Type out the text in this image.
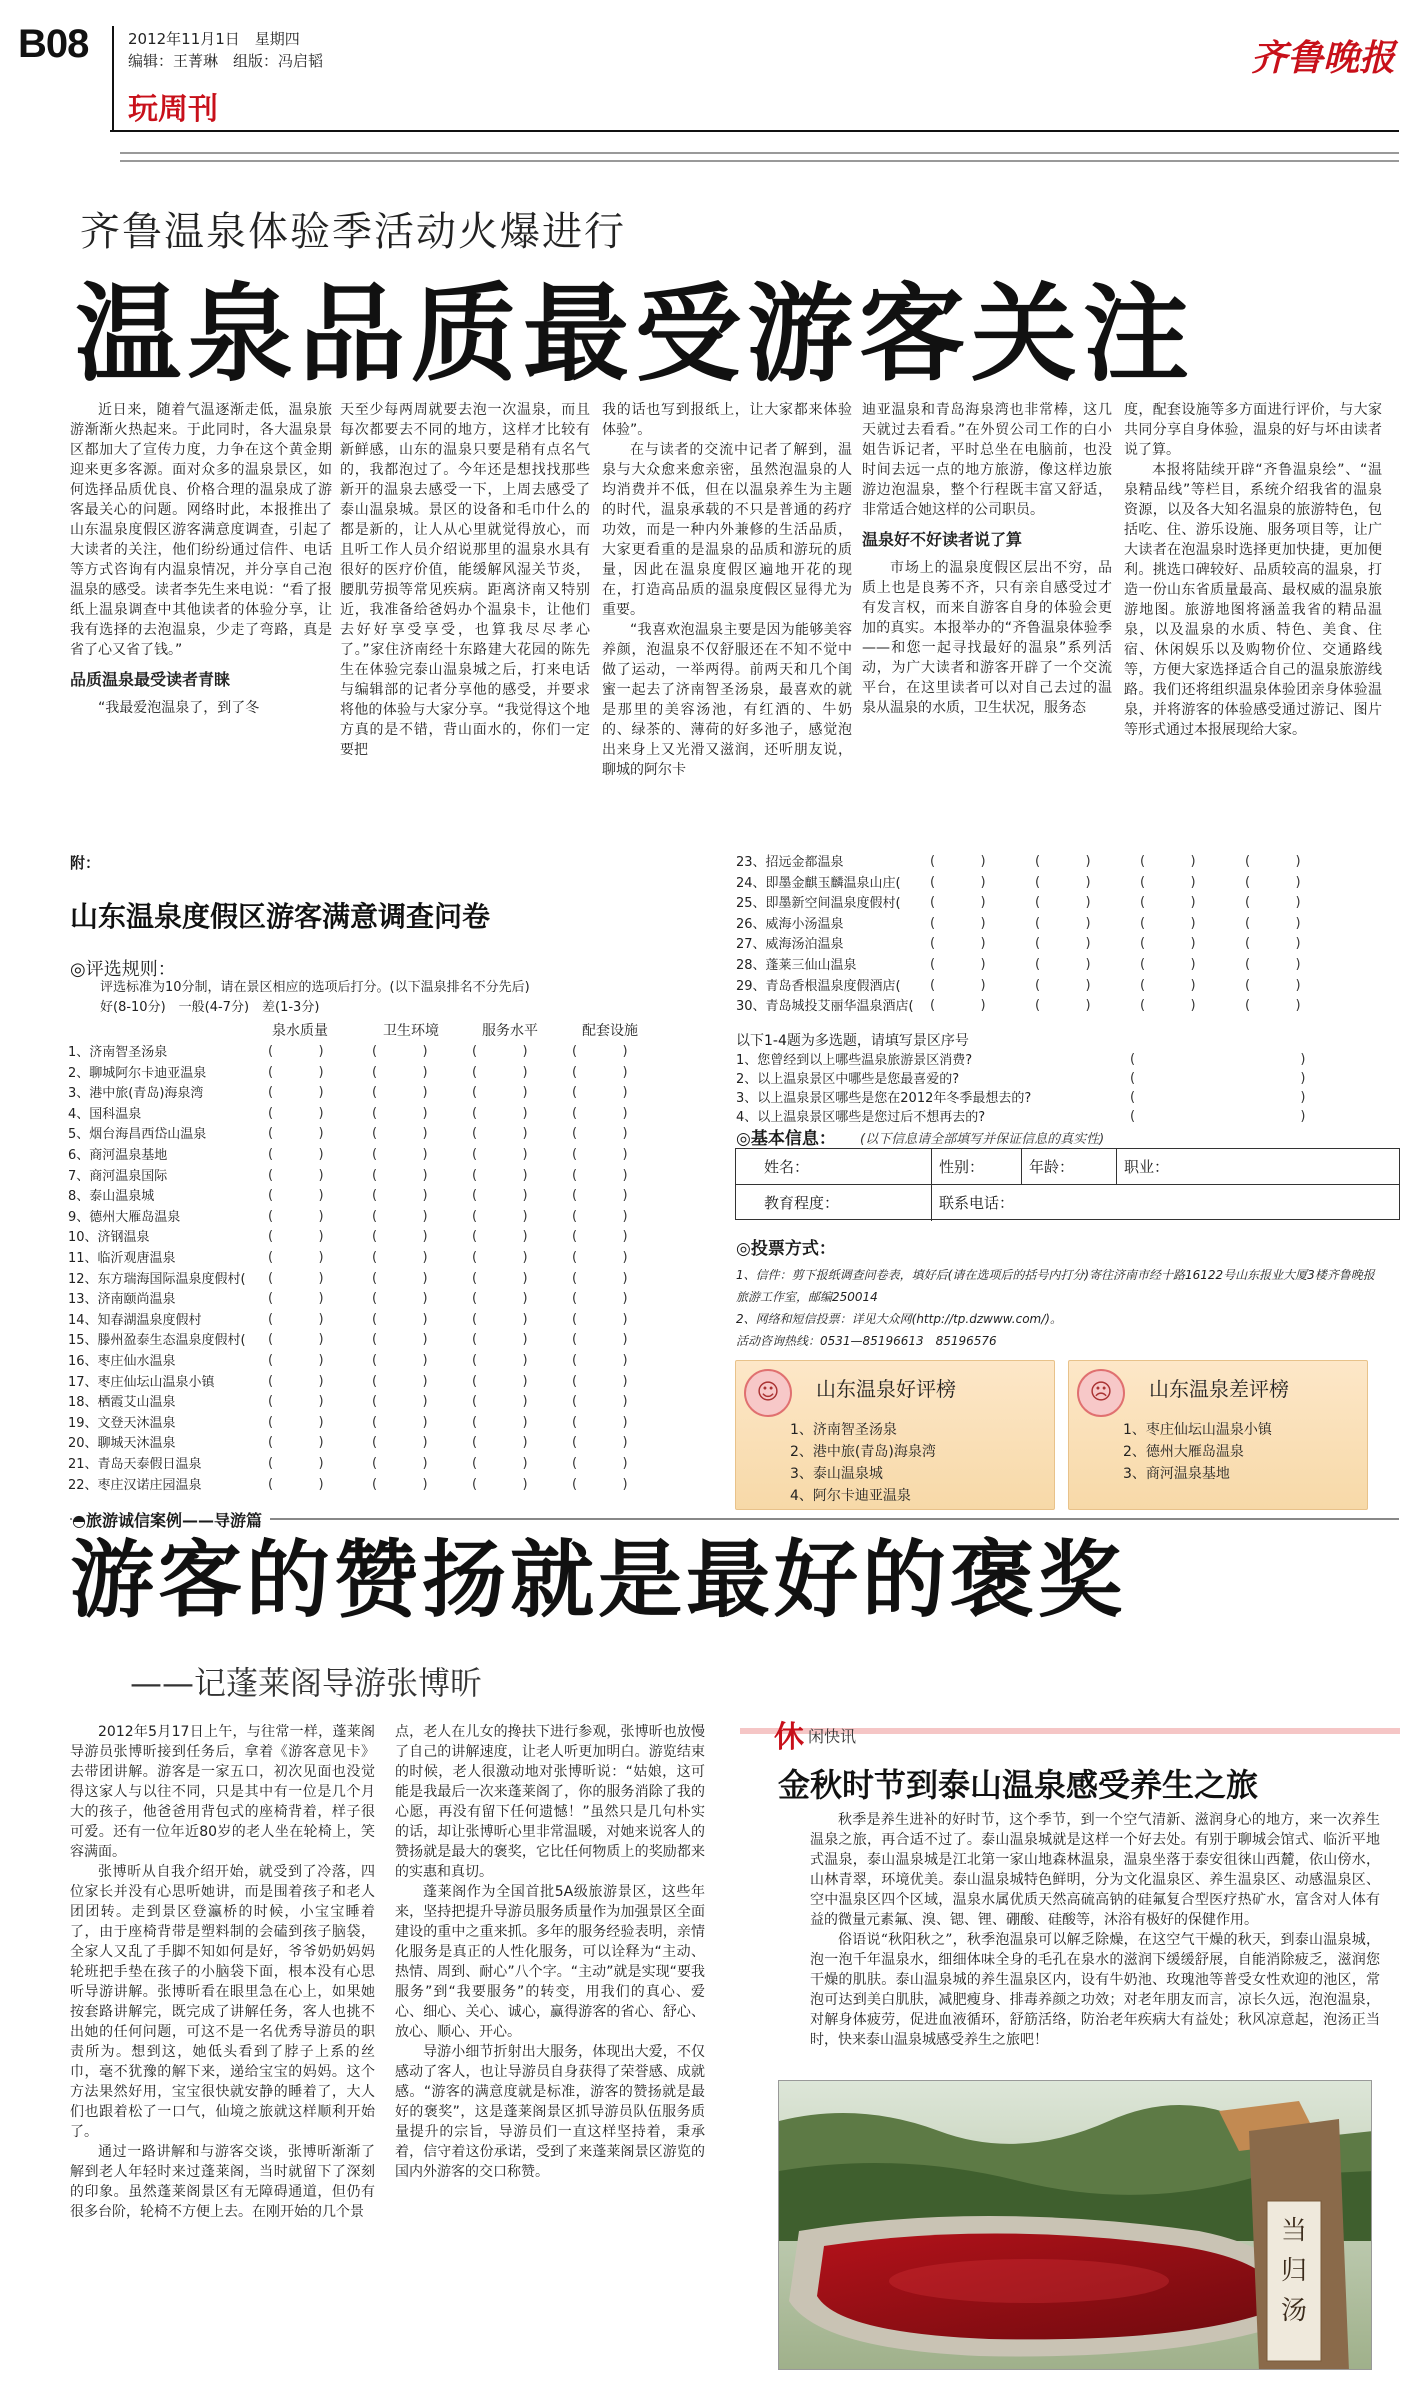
B08	2012年11月1日　星期四
编辑：王菁琳　组版：冯启韬
玩周刊
齐鲁晚报
齐鲁温泉体验季活动火爆进行
温泉品质最受游客关注

近日来，随着气温逐渐走低，温泉旅游渐渐火热起来。于此同时，各大温泉景区都加大了宣传力度，力争在这个黄金期迎来更多客源。面对众多的温泉景区，如何选择品质优良、价格合理的温泉成了游客最关心的问题。网络时此，本报推出了山东温泉度假区游客满意度调查，引起了大读者的关注，他们纷纷通过信件、电话等方式咨询有内温泉情况，并分享自己泡温泉的感受。读者李先生来电说：“看了报纸上温泉调查中其他读者的体验分享，让我有选择的去泡温泉，少走了弯路，真是省了心又省了钱。”

品质温泉最受读者青睐

“我最爱泡温泉了，到了冬

天至少每两周就要去泡一次温泉，而且每次都要去不同的地方，这样才比较有新鲜感，山东的温泉只要是稍有点名气的，我都泡过了。今年还是想找找那些新开的温泉去感受一下，上周去感受了泰山温泉城。景区的设备和毛巾什么的都是新的，让人从心里就觉得放心，而且听工作人员介绍说那里的温泉水具有很好的医疗价值，能缓解风湿关节炎，腰肌劳损等常见疾病。距离济南又特别近，我准备给爸妈办个温泉卡，让他们去好好享受享受，也算我尽尽孝心了。”家住济南经十东路建大花园的陈先生在体验完泰山温泉城之后，打来电话与编辑部的记者分享他的感受，并要求将他的体验与大家分享。“我觉得这个地方真的是不错，背山面水的，你们一定要把

我的话也写到报纸上，让大家都来体验体验”。

在与读者的交流中记者了解到，温泉与大众愈来愈亲密，虽然泡温泉的人均消费并不低，但在以温泉养生为主题的时代，温泉承载的不只是普通的药疗功效，而是一种内外兼修的生活品质，大家更看重的是温泉的品质和游玩的质量，因此在温泉度假区遍地开花的现在，打造高品质的温泉度假区显得尤为重要。

“我喜欢泡温泉主要是因为能够美容养颜，泡温泉不仅舒服还在不知不觉中做了运动，一举两得。前两天和几个闺蜜一起去了济南智圣汤泉，最喜欢的就是那里的美容汤池，有红酒的、牛奶的、绿茶的、薄荷的好多池子，感觉泡出来身上又光滑又滋润，还听朋友说，聊城的阿尔卡

迪亚温泉和青岛海泉湾也非常棒，这几天就过去看看。”在外贸公司工作的白小姐告诉记者，平时总坐在电脑前，也没时间去远一点的地方旅游，像这样边旅游边泡温泉，整个行程既丰富又舒适，非常适合她这样的公司职员。

温泉好不好读者说了算

市场上的温泉度假区层出不穷，品质上也是良莠不齐，只有亲自感受过才有发言权，而来自游客自身的体验会更加的真实。本报举办的“齐鲁温泉体验季——和您一起寻找最好的温泉”系列活动，为广大读者和游客开辟了一个交流平台，在这里读者可以对自己去过的温泉从温泉的水质，卫生状况，服务态

度，配套设施等多方面进行评价，与大家共同分享自身体验，温泉的好与坏由读者说了算。

本报将陆续开辟“齐鲁温泉绘”、“温泉精品线”等栏目，系统介绍我省的温泉资源，以及各大知名温泉的旅游特色，包括吃、住、游乐设施、服务项目等，让广大读者在泡温泉时选择更加快捷，更加便利。挑选口碑较好、品质较高的温泉，打造一份山东省质量最高、最权威的温泉旅游地图。旅游地图将涵盖我省的精品温泉，以及温泉的水质、特色、美食、住宿、休闲娱乐以及购物价位、交通路线等，方便大家选择适合自己的温泉旅游线路。我们还将组织温泉体验团亲身体验温泉，并将游客的体验感受通过游记、图片等形式通过本报展现给大家。

附：
山东温泉度假区游客满意调查问卷
◎评选规则：
评选标准为10分制，请在景区相应的选项后打分。(以下温泉排名不分先后)
好(8-10分)　一般(4-7分)　差(1-3分)
泉水质量	卫生环境	服务水平	配套设施
1、济南智圣汤泉	(           )	(           )	(           )	(           )
2、聊城阿尔卡迪亚温泉	(           )	(           )	(           )	(           )
3、港中旅(青岛)海泉湾	(           )	(           )	(           )	(           )
4、国科温泉	(           )	(           )	(           )	(           )
5、烟台海昌西岱山温泉	(           )	(           )	(           )	(           )
6、商河温泉基地	(           )	(           )	(           )	(           )
7、商河温泉国际	(           )	(           )	(           )	(           )
8、泰山温泉城	(           )	(           )	(           )	(           )
9、德州大雁岛温泉	(           )	(           )	(           )	(           )
10、济钢温泉	(           )	(           )	(           )	(           )
11、临沂观唐温泉	(           )	(           )	(           )	(           )
12、东方瑞海国际温泉度假村( (           )	(           )	(           )	(           )
13、济南颐尚温泉	(           )	(           )	(           )	(           )
14、知春湖温泉度假村	(           )	(           )	(           )	(           )
15、滕州盈泰生态温泉度假村( (           )	(           )	(           )	(           )
16、枣庄仙水温泉	(           )	(           )	(           )	(           )
17、枣庄仙坛山温泉小镇	(           )	(           )	(           )	(           )
18、栖霞艾山温泉	(           )	(           )	(           )	(           )
19、文登天沐温泉	(           )	(           )	(           )	(           )
20、聊城天沐温泉	(           )	(           )	(           )	(           )
21、青岛天泰假日温泉	(           )	(           )	(           )	(           )
22、枣庄汉诺庄园温泉	(           )	(           )	(           )	(           )
23、招远金都温泉	(           )	(           )	(           )	(           )
24、即墨金麒玉麟温泉山庄( (           )	(           )	(           )	(           )
25、即墨新空间温泉度假村( (           )	(           )	(           )	(           )
26、威海小汤温泉	(           )	(           )	(           )	(           )
27、威海汤泊温泉	(           )	(           )	(           )	(           )
28、蓬莱三仙山温泉	(           )	(           )	(           )	(           )
29、青岛香根温泉度假酒店( (           )	(           )	(           )	(           )
30、青岛城投艾丽华温泉酒店( (           )	(           )	(           )	(           )
以下1-4题为多选题，请填写景区序号
1、您曾经到以上哪些温泉旅游景区消费?	(                                        )
2、以上温泉景区中哪些是您最喜爱的?	(                                        )
3、以上温泉景区哪些是您在2012年冬季最想去的?	(                                        )
4、以上温泉景区哪些是您过后不想再去的?	(                                        )
◎基本信息： (以下信息请全部填写并保证信息的真实性)
姓名：	性别：	年龄：	职业：
教育程度：	联系电话：
◎投票方式：
1、信件：剪下报纸调查问卷表，填好后(请在选项后的括号内打分)寄往济南市经十路16122号山东报业大厦3楼齐鲁晚报旅游工作室，邮编250014
2、网络和短信投票：详见大众网(http://tp.dzwww.com/)。
活动咨询热线：0531—85196613　85196576
☺	山东温泉好评榜
1、济南智圣汤泉
2、港中旅(青岛)海泉湾
3、泰山温泉城
4、阿尔卡迪亚温泉
☹	山东温泉差评榜
1、枣庄仙坛山温泉小镇
2、德州大雁岛温泉
3、商河温泉基地
◓旅游诚信案例——导游篇
游客的赞扬就是最好的褒奖
——记蓬莱阁导游张博昕

2012年5月17日上午，与往常一样，蓬莱阁导游员张博昕接到任务后，拿着《游客意见卡》去带团讲解。游客是一家五口，初次见面也没觉得这家人与以往不同，只是其中有一位是几个月大的孩子，他爸爸用背包式的座椅背着，样子很可爱。还有一位年近80岁的老人坐在轮椅上，笑容满面。

张博昕从自我介绍开始，就受到了冷落，四位家长并没有心思听她讲，而是围着孩子和老人团团转。走到景区登瀛桥的时候，小宝宝睡着了，由于座椅背带是塑料制的会磕到孩子脑袋，全家人又乱了手脚不知如何是好，爷爷奶奶妈妈轮班把手垫在孩子的小脑袋下面，根本没有心思听导游讲解。张博昕看在眼里急在心上，如果她按套路讲解完，既完成了讲解任务，客人也挑不出她的任何问题，可这不是一名优秀导游员的职责所为。想到这，她低头看到了脖子上系的丝巾，毫不犹豫的解下来，递给宝宝的妈妈。这个方法果然好用，宝宝很快就安静的睡着了，大人们也跟着松了一口气，仙境之旅就这样顺利开始了。

通过一路讲解和与游客交谈，张博昕渐渐了解到老人年轻时来过蓬莱阁，当时就留下了深刻的印象。虽然蓬莱阁景区有无障碍通道，但仍有很多台阶，轮椅不方便上去。在刚开始的几个景

点，老人在儿女的搀扶下进行参观，张博昕也放慢了自己的讲解速度，让老人听更加明白。游览结束的时候，老人很激动地对张博昕说：“姑娘，这可能是我最后一次来蓬莱阁了，你的服务消除了我的心愿，再没有留下任何遗憾！”虽然只是几句朴实的话，却让张博昕心里非常温暖，对她来说客人的赞扬就是最大的褒奖，它比任何物质上的奖励都来的实惠和真切。

蓬莱阁作为全国首批5A级旅游景区，这些年来，坚持把提升导游员服务质量作为加强景区全面建设的重中之重来抓。多年的服务经验表明，亲情化服务是真正的人性化服务，可以诠释为“主动、热情、周到、耐心”八个字。“主动”就是实现“要我服务”到“我要服务”的转变，用我们的真心、爱心、细心、关心、诚心，赢得游客的省心、舒心、放心、顺心、开心。

导游小细节折射出大服务，体现出大爱，不仅感动了客人，也让导游员自身获得了荣誉感、成就感。“游客的满意度就是标准，游客的赞扬就是最好的褒奖”，这是蓬莱阁景区抓导游员队伍服务质量提升的宗旨，导游员们一直这样坚持着，秉承着，信守着这份承诺，受到了来蓬莱阁景区游览的国内外游客的交口称赞。

休 闲快讯
金秋时节到泰山温泉感受养生之旅

秋季是养生进补的好时节，这个季节，到一个空气清新、滋润身心的地方，来一次养生温泉之旅，再合适不过了。泰山温泉城就是这样一个好去处。有别于聊城会馆式、临沂平地式温泉，泰山温泉城是江北第一家山地森林温泉，温泉坐落于泰安徂徕山西麓，依山傍水，山林青翠，环境优美。泰山温泉城特色鲜明，分为文化温泉区、养生温泉区、动感温泉区、空中温泉区四个区域，温泉水属优质天然高硫高钠的硅氟复合型医疗热矿水，富含对人体有益的微量元素氟、溴、锶、锂、硼酸、硅酸等，沐浴有极好的保健作用。

俗语说“秋阳秋之”，秋季泡温泉可以解乏除燥，在这空气干燥的秋天，到泰山温泉城，泡一泡千年温泉水，细细体味全身的毛孔在泉水的滋润下缓缓舒展，自能消除疲乏，滋润您干燥的肌肤。泰山温泉城的养生温泉区内，设有牛奶池、玫瑰池等普受女性欢迎的池区，常泡可达到美白肌肤，减肥瘦身、排毒养颜之功效；对老年朋友而言，凉长久远，泡泡温泉，对解身体疲劳，促进血液循环，舒筋活络，防治老年疾病大有益处；秋风凉意起，泡汤正当时，快来泰山温泉城感受养生之旅吧！

当
归
汤
